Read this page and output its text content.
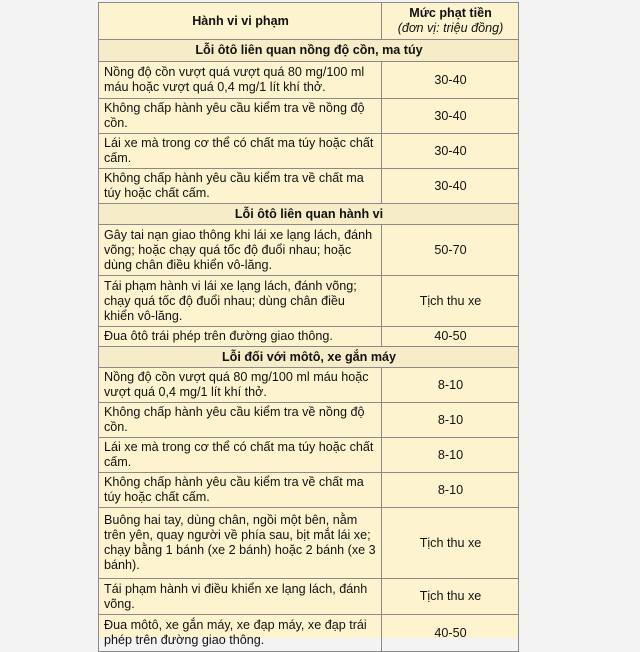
Hành vi vi phạm	Mức phạt tiền
(đơn vị: triệu đồng)

Lỗi ôtô liên quan nồng độ cồn, ma túy	
Nồng độ cồn vượt quá vượt quá 80 mg/100 ml máu hoặc vượt quá 0,4 mg/1 lít khí thở.	30-40
Không chấp hành yêu cầu kiểm tra về nồng độ cồn.	30-40
Lái xe mà trong cơ thể có chất ma túy hoặc chất cấm.	30-40
Không chấp hành yêu cầu kiểm tra về chất ma túy hoặc chất cấm.	30-40
Lỗi ôtô liên quan hành vi	
Gây tai nạn giao thông khi lái xe lạng lách, đánh võng; hoặc chạy quá tốc độ đuổi nhau; hoặc dùng chân điều khiển vô-lăng.	50-70
Tái phạm hành vi lái xe lạng lách, đánh võng; chạy quá tốc độ đuổi nhau; dùng chân điều khiển vô-lăng.	Tịch thu xe
Đua ôtô trái phép trên đường giao thông.	40-50
Lỗi đối với môtô, xe gắn máy	
Nồng độ cồn vượt quá 80 mg/100 ml máu hoặc vượt quá 0,4 mg/1 lít khí thở.	8-10
Không chấp hành yêu cầu kiểm tra về nồng độ cồn.	8-10
Lái xe mà trong cơ thể có chất ma túy hoặc chất cấm.	8-10
Không chấp hành yêu cầu kiểm tra về chất ma túy hoặc chất cấm.	8-10
Buông hai tay, dùng chân, ngồi một bên, nằm trên yên, quay người về phía sau, bịt mắt lái xe; chạy bằng 1 bánh (xe 2 bánh) hoặc 2 bánh (xe 3 bánh).	Tịch thu xe
Tái phạm hành vi điều khiển xe lạng lách, đánh võng.	Tịch thu xe
Đua môtô, xe gắn máy, xe đạp máy, xe đạp trái phép trên đường giao thông.	40-50
